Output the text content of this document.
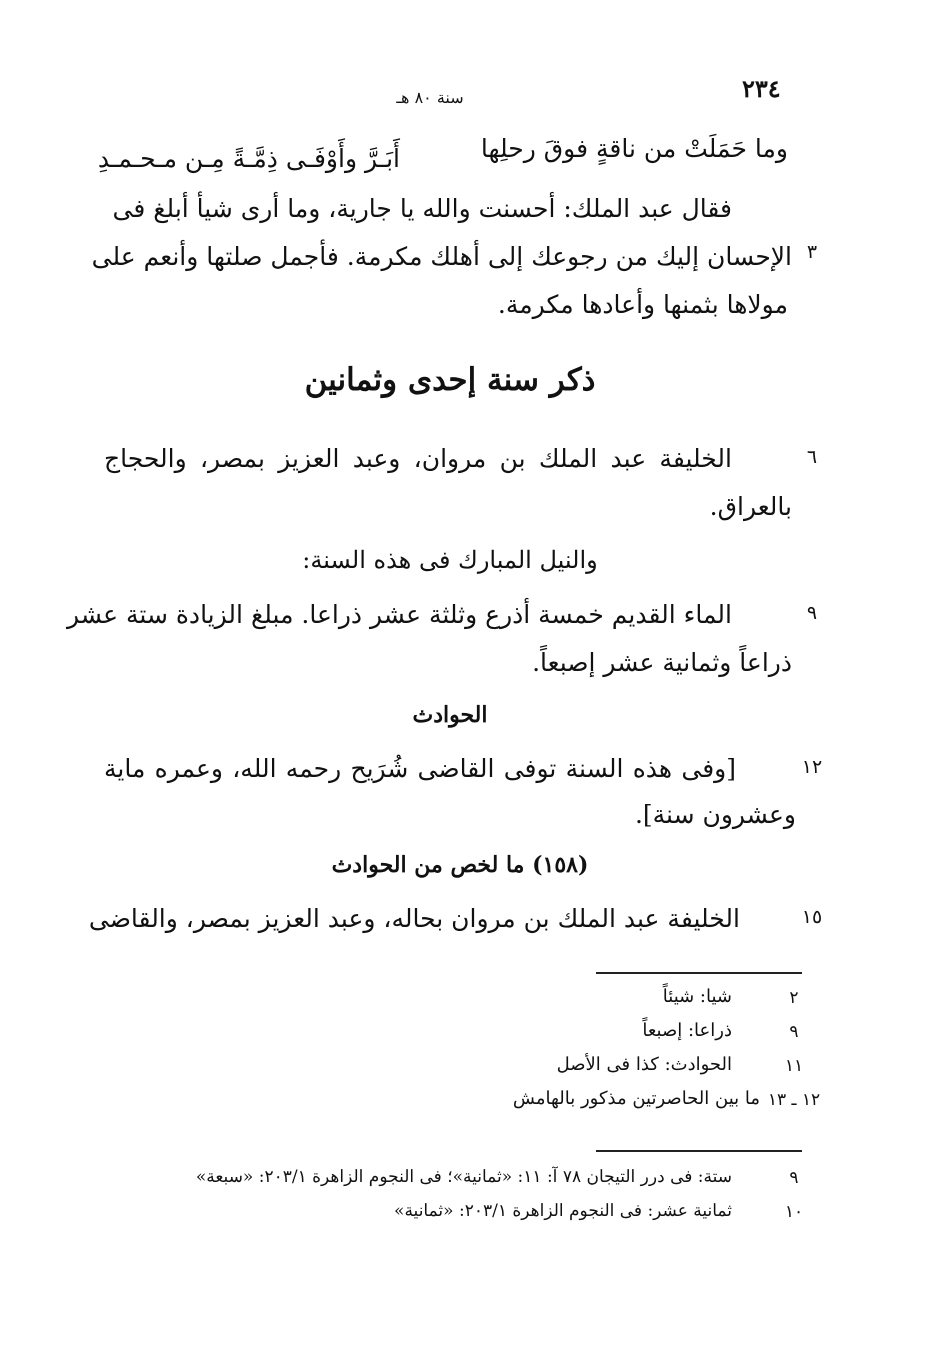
٢٣٤
سنة ٨٠ هـ
وما حَمَلَتْ من ناقةٍ فوقَ رحلِها
أَبَـرَّ وأَوْفَـى ذِمَّـةً مِـن مـحـمـدِ
فقال عبد الملك: أحسنت والله يا جارية، وما أرى شيأ أبلغ فى
الإحسان إليك من رجوعك إلى أهلك مكرمة. فأجمل صلتها وأنعم على ٣
مولاها بثمنها وأعادها مكرمة.
ذكر سنة إحدى وثمانين
٦
الخليفة عبد الملك بن مروان، وعبد العزيز بمصر، والحجاج
بالعراق.
والنيل المبارك فى هذه السنة:
٩
الماء القديم خمسة أذرع وثلثة عشر ذراعا. مبلغ الزيادة ستة عشر
ذراعاً وثمانية عشر إصبعاً.
الحوادث
١٢
[وفى هذه السنة توفى القاضى شُرَيح رحمه الله، وعمره ماية
وعشرون سنة].
(١٥٨) ما لخص من الحوادث
١٥
الخليفة عبد الملك بن مروان بحاله، وعبد العزيز بمصر، والقاضى
٢
شيا: شيئاً
٩
ذراعا: إصبعاً
١١
الحوادث: كذا فى الأصل
١٢ ـ ١٣
ما بين الحاصرتين مذكور بالهامش
٩
ستة: فى درر التيجان ٧٨ آ: ١١: «ثمانية»؛ فى النجوم الزاهرة ٢٠٣/١: «سبعة»
١٠
ثمانية عشر: فى النجوم الزاهرة ٢٠٣/١: «ثمانية»
